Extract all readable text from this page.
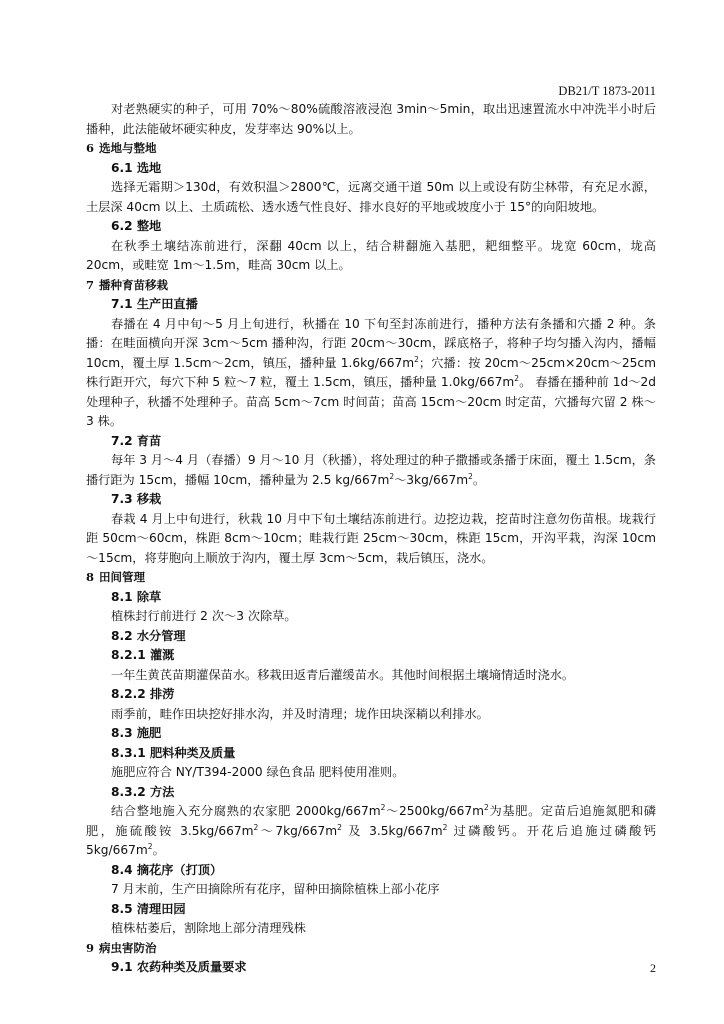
DB21/T 1873-2011

对老熟硬实的种子，可用 70%～80%硫酸溶液浸泡 3min～5min，取出迅速置流水中冲洗半小时后播种，此法能破坏硬实种皮，发芽率达 90%以上。

6 选地与整地
6.1 选地

选择无霜期＞130d，有效积温＞2800℃，远离交通干道 50m 以上或设有防尘林带，有充足水源，土层深 40cm 以上、土质疏松、透水透气性良好、排水良好的平地或坡度小于 15°的向阳坡地。

6.2 整地

在秋季土壤结冻前进行，深翻 40cm 以上，结合耕翻施入基肥，耙细整平。垅宽 60cm，垅高 20cm，或畦宽 1m～1.5m，畦高 30cm 以上。

7 播种育苗移栽
7.1 生产田直播

春播在 4 月中旬～5 月上旬进行，秋播在 10 下旬至封冻前进行，播种方法有条播和穴播 2 种。条播：在畦面横向开深 3cm～5cm 播种沟，行距 20cm～30cm，踩底格子，将种子均匀播入沟内，播幅 10cm，覆土厚 1.5cm～2cm，镇压，播种量 $1.6kg/667m^2$；穴播：按 20cm～25cm×20cm～25cm 株行距开穴，每穴下种 5 粒～7 粒，覆土 1.5cm，镇压，播种量 $1.0kg/667m^2$。 春播在播种前 1d～2d 处理种子，秋播不处理种子。苗高 5cm～7cm 时间苗；苗高 15cm～20cm 时定苗，穴播每穴留 2 株～3 株。

7.2 育苗

每年 3 月～4 月（春播）9 月～10 月（秋播），将处理过的种子撒播或条播于床面，覆土 1.5cm，条播行距为 15cm，播幅 10cm，播种量为 2.5 $kg/667m^2\sim 3kg/667m^2$。

7.3 移栽

春栽 4 月上中旬进行，秋栽 10 月中下旬土壤结冻前进行。边挖边栽，挖苗时注意勿伤苗根。垅栽行距 50cm～60cm，株距 8cm～10cm；畦栽行距 25cm～30cm，株距 15cm，开沟平栽，沟深 10cm～15cm，将芽胞向上顺放于沟内，覆土厚 3cm～5cm，栽后镇压，浇水。

8 田间管理
8.1 除草

植株封行前进行 2 次～3 次除草。

8.2 水分管理
8.2.1 灌溉

一年生黄芪苗期灌保苗水。移栽田返青后灌缓苗水。其他时间根据土壤墒情适时浇水。

8.2.2 排涝

雨季前，畦作田块挖好排水沟，并及时清理；垅作田块深耥以利排水。

8.3 施肥
8.3.1 肥料种类及质量

施肥应符合 NY/T394-2000 绿色食品 肥料使用准则。

8.3.2 方法

结合整地施入充分腐熟的农家肥 $2000kg/667m^2\sim 2500kg/667m^2$为基肥。定苗后追施氮肥和磷肥，施硫酸铵 $3.5kg/667m^2\sim 7kg/667m^2$ 及 $3.5kg/667m^2$ 过磷酸钙。开花后追施过磷酸钙 $5kg/667m^2$。

8.4 摘花序（打顶）

7 月末前，生产田摘除所有花序，留种田摘除植株上部小花序

8.5 清理田园

植株枯萎后，割除地上部分清理残株

9 病虫害防治
9.1 农药种类及质量要求	2
